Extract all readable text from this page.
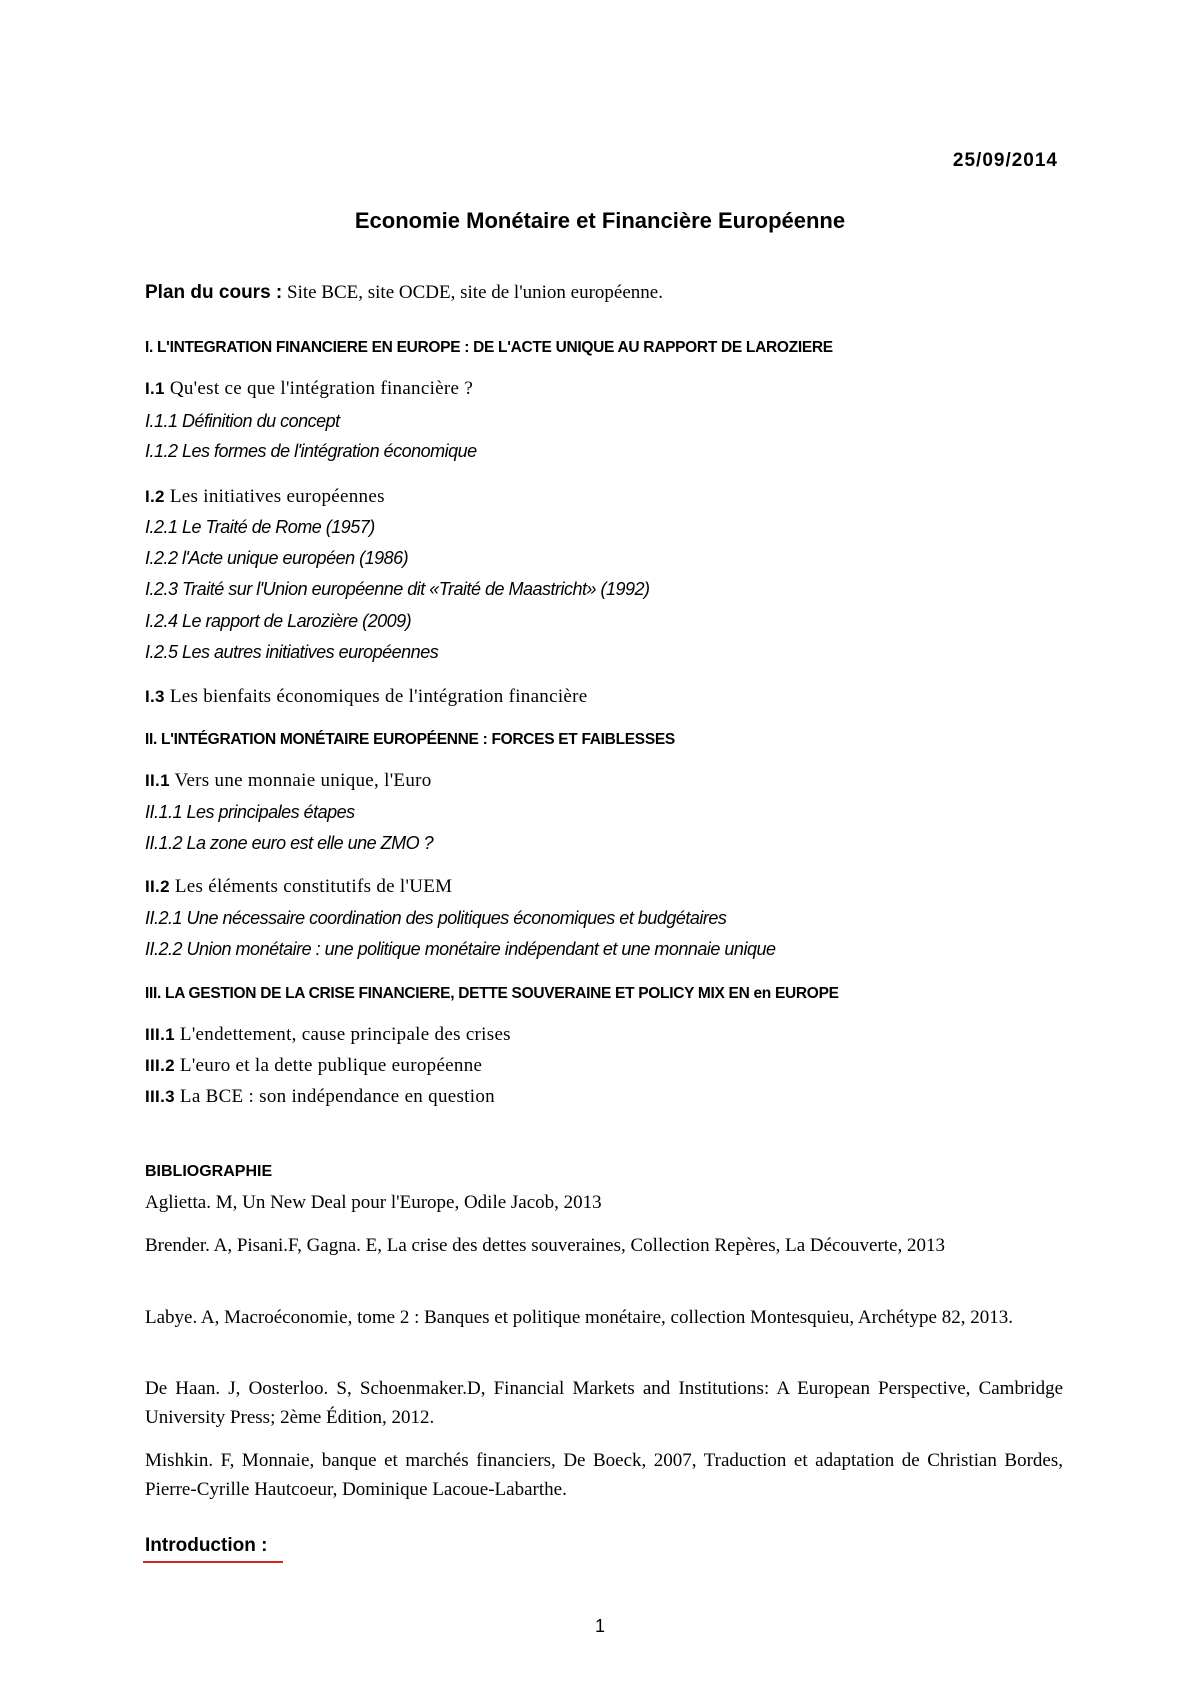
25/09/2014
Economie Monétaire et Financière Européenne
Plan du cours : Site BCE, site OCDE, site de l'union européenne.
I. L'INTEGRATION FINANCIERE EN EUROPE : DE L'ACTE UNIQUE AU RAPPORT DE LAROZIERE
I.1 Qu'est ce que l'intégration financière ?
I.1.1 Définition du concept
I.1.2 Les formes de l'intégration économique
I.2 Les initiatives européennes
I.2.1 Le Traité de Rome (1957)
I.2.2 l'Acte unique européen (1986)
I.2.3 Traité sur l'Union européenne dit «Traité de Maastricht» (1992)
I.2.4 Le rapport de Larozière (2009)
I.2.5 Les autres initiatives européennes
I.3 Les bienfaits économiques de l'intégration financière
II. L'INTÉGRATION MONÉTAIRE EUROPÉENNE : FORCES ET FAIBLESSES
II.1 Vers une monnaie unique, l'Euro
II.1.1 Les principales étapes
II.1.2 La zone euro est elle une ZMO ?
II.2 Les éléments constitutifs de l'UEM
II.2.1 Une nécessaire coordination des politiques économiques et budgétaires
II.2.2 Union monétaire : une politique monétaire indépendant et une monnaie unique
III. LA GESTION DE LA CRISE FINANCIERE, DETTE SOUVERAINE ET POLICY MIX EN en EUROPE
III.1 L'endettement, cause principale des crises
III.2 L'euro et la dette publique européenne
III.3 La BCE : son indépendance en question
BIBLIOGRAPHIE
Aglietta. M, Un New Deal pour l'Europe, Odile Jacob, 2013
Brender. A, Pisani.F, Gagna. E, La crise des dettes souveraines, Collection Repères, La Découverte, 2013
Labye. A, Macroéconomie, tome 2 : Banques et politique monétaire, collection Montesquieu, Archétype 82, 2013.
De Haan. J, Oosterloo. S, Schoenmaker.D, Financial Markets and Institutions: A European Perspective, Cambridge University Press; 2ème Édition, 2012.
Mishkin. F, Monnaie, banque et marchés financiers, De Boeck, 2007, Traduction et adaptation de Christian Bordes, Pierre-Cyrille Hautcoeur, Dominique Lacoue-Labarthe.
Introduction :
1
